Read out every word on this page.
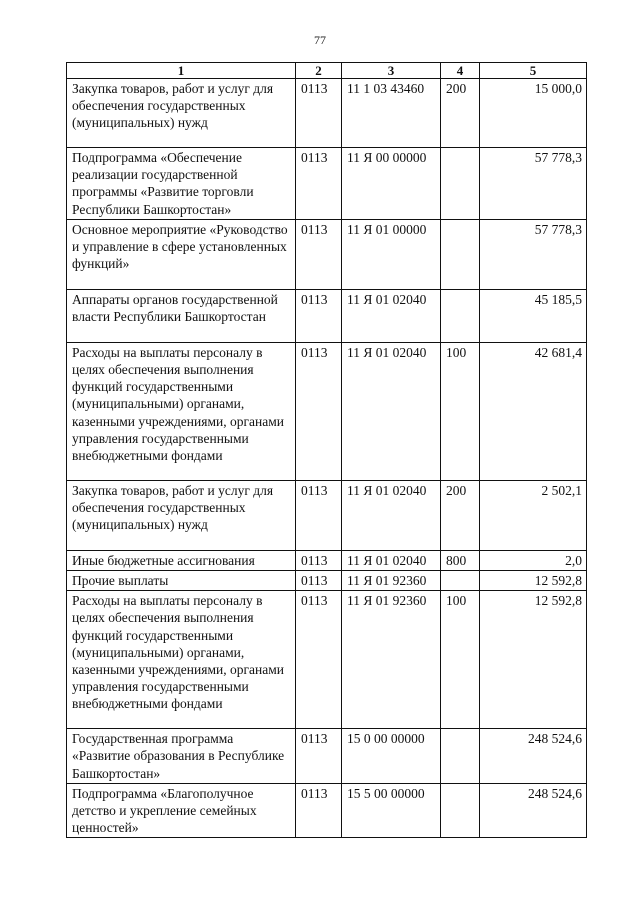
77
1	2	3	4	5
Закупка товаров, работ и услуг для обеспечения государственных (муниципальных) нужд	0113	11 1 03 43460	200	15 000,0
Подпрограмма «Обеспечение реализации государственной программы «Развитие торговли Республики Башкортостан»	0113	11 Я 00 00000		57 778,3
Основное мероприятие «Руководство и управление в сфере установленных функций»	0113	11 Я 01 00000		57 778,3
Аппараты органов государственной власти Республики Башкортостан	0113	11 Я 01 02040		45 185,5
Расходы на выплаты персоналу в целях обеспечения выполнения функций государственными (муниципальными) органами, казенными учреждениями, органами управления государственными внебюджетными фондами	0113	11 Я 01 02040	100	42 681,4
Закупка товаров, работ и услуг для обеспечения государственных (муниципальных) нужд	0113	11 Я 01 02040	200	2 502,1
Иные бюджетные ассигнования	0113	11 Я 01 02040	800	2,0
Прочие выплаты	0113	11 Я 01 92360		12 592,8
Расходы на выплаты персоналу в целях обеспечения выполнения функций государственными (муниципальными) органами, казенными учреждениями, органами управления государственными внебюджетными фондами	0113	11 Я 01 92360	100	12 592,8
Государственная программа «Развитие образования в Республике Башкортостан»	0113	15 0 00 00000		248 524,6
Подпрограмма «Благополучное детство и укрепление семейных ценностей»	0113	15 5 00 00000		248 524,6
